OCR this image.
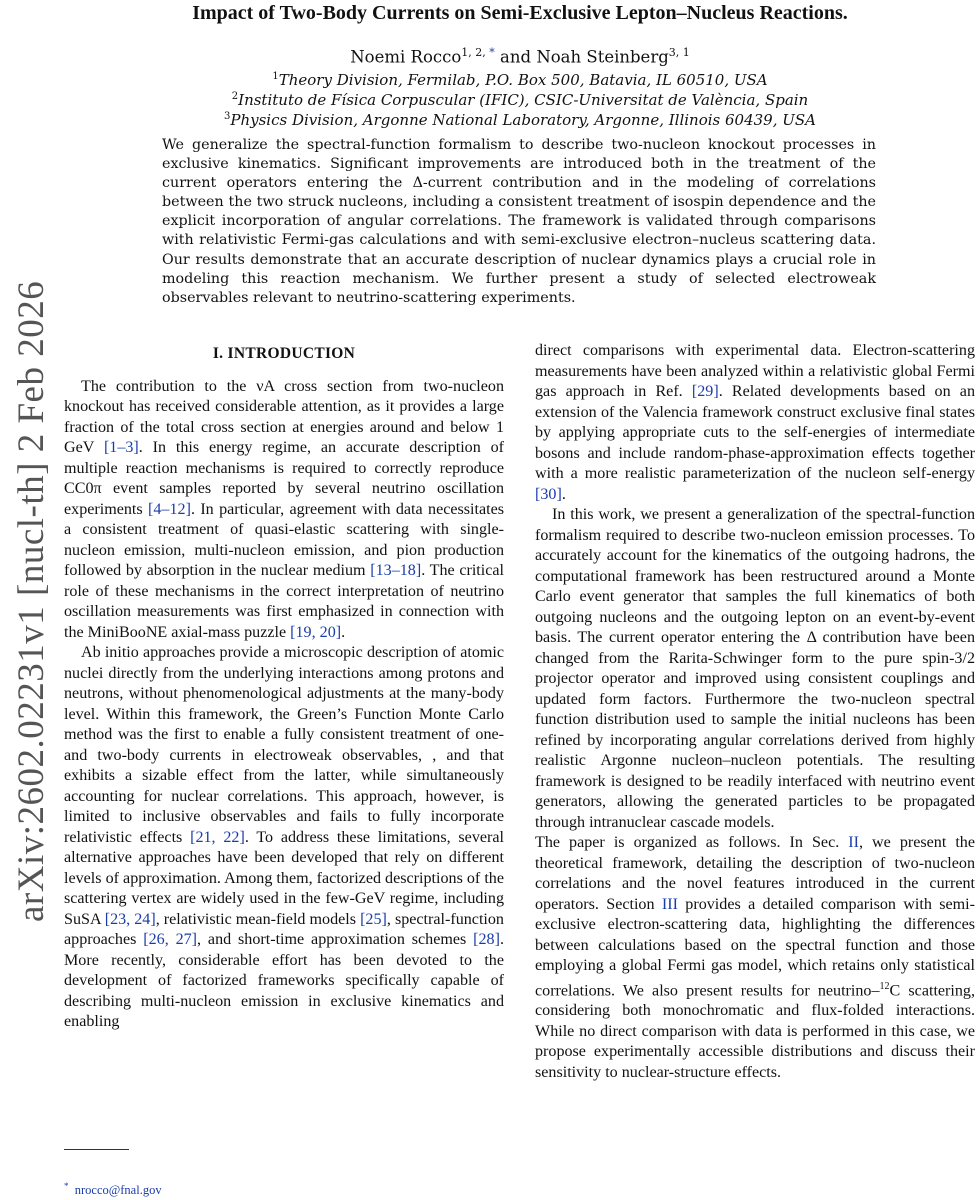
arXiv:2602.02231v1 [nucl-th] 2 Feb 2026
Impact of Two-Body Currents on Semi-Exclusive Lepton–Nucleus Reactions.
Noemi Rocco$^{1, 2,}$ * and Noah Steinberg$^{3, 1}$
$^1$Theory Division, Fermilab, P.O. Box 500, Batavia, IL 60510, USA
$^2$Instituto de Física Corpuscular (IFIC), CSIC-Universitat de València, Spain
$^3$Physics Division, Argonne National Laboratory, Argonne, Illinois 60439, USA

We generalize the spectral-function formalism to describe two-nucleon knockout processes in exclusive kinematics. Significant improvements are introduced both in the treatment of the current operators entering the Δ-current contribution and in the modeling of correlations between the two struck nucleons, including a consistent treatment of isospin dependence and the explicit incorporation of angular correlations. The framework is validated through comparisons with relativistic Fermi-gas calculations and with semi-exclusive electron–nucleus scattering data. Our results demonstrate that an accurate description of nuclear dynamics plays a crucial role in modeling this reaction mechanism. We further present a study of selected electroweak observables relevant to neutrino-scattering experiments.

I. INTRODUCTION

The contribution to the νA cross section from two-nucleon knockout has received considerable attention, as it provides a large fraction of the total cross section at energies around and below 1 GeV [1–3]. In this energy regime, an accurate description of multiple reaction mechanisms is required to correctly reproduce CC0π event samples reported by several neutrino oscillation experiments [4–12]. In particular, agreement with data necessitates a consistent treatment of quasi-elastic scattering with single-nucleon emission, multi-nucleon emission, and pion production followed by absorption in the nuclear medium [13–18]. The critical role of these mechanisms in the correct interpretation of neutrino oscillation measurements was first emphasized in connection with the MiniBooNE axial-mass puzzle [19, 20].

Ab initio approaches provide a microscopic description of atomic nuclei directly from the underlying interactions among protons and neutrons, without phenomenological adjustments at the many-body level. Within this framework, the Green’s Function Monte Carlo method was the first to enable a fully consistent treatment of one- and two-body currents in electroweak observables, , and that exhibits a sizable effect from the latter, while simultaneously accounting for nuclear correlations. This approach, however, is limited to inclusive observables and fails to fully incorporate relativistic effects [21, 22]. To address these limitations, several alternative approaches have been developed that rely on different levels of approximation. Among them, factorized descriptions of the scattering vertex are widely used in the few-GeV regime, including SuSA [23, 24], relativistic mean-field models [25], spectral-function approaches [26, 27], and short-time approximation schemes [28]. More recently, considerable effort has been devoted to the development of factorized frameworks specifically capable of describing multi-nucleon emission in exclusive kinematics and enabling

direct comparisons with experimental data. Electron-scattering measurements have been analyzed within a relativistic global Fermi gas approach in Ref. [29]. Related developments based on an extension of the Valencia framework construct exclusive final states by applying appropriate cuts to the self-energies of intermediate bosons and include random-phase-approximation effects together with a more realistic parameterization of the nucleon self-energy [30].

In this work, we present a generalization of the spectral-function formalism required to describe two-nucleon emission processes. To accurately account for the kinematics of the outgoing hadrons, the computational framework has been restructured around a Monte Carlo event generator that samples the full kinematics of both outgoing nucleons and the outgoing lepton on an event-by-event basis. The current operator entering the Δ contribution have been changed from the Rarita-Schwinger form to the pure spin-3/2 projector operator and improved using consistent couplings and updated form factors. Furthermore the two-nucleon spectral function distribution used to sample the initial nucleons has been refined by incorporating angular correlations derived from highly realistic Argonne nucleon–nucleon potentials. The resulting framework is designed to be readily interfaced with neutrino event generators, allowing the generated particles to be propagated through intranuclear cascade models.

The paper is organized as follows. In Sec. II, we present the theoretical framework, detailing the description of two-nucleon correlations and the novel features introduced in the current operators. Section III provides a detailed comparison with semi-exclusive electron-scattering data, highlighting the differences between calculations based on the spectral function and those employing a global Fermi gas model, which retains only statistical correlations. We also present results for neutrino–$^{12}$C scattering, considering both monochromatic and flux-folded interactions. While no direct comparison with data is performed in this case, we propose experimentally accessible distributions and discuss their sensitivity to nuclear-structure effects.

* nrocco@fnal.gov
